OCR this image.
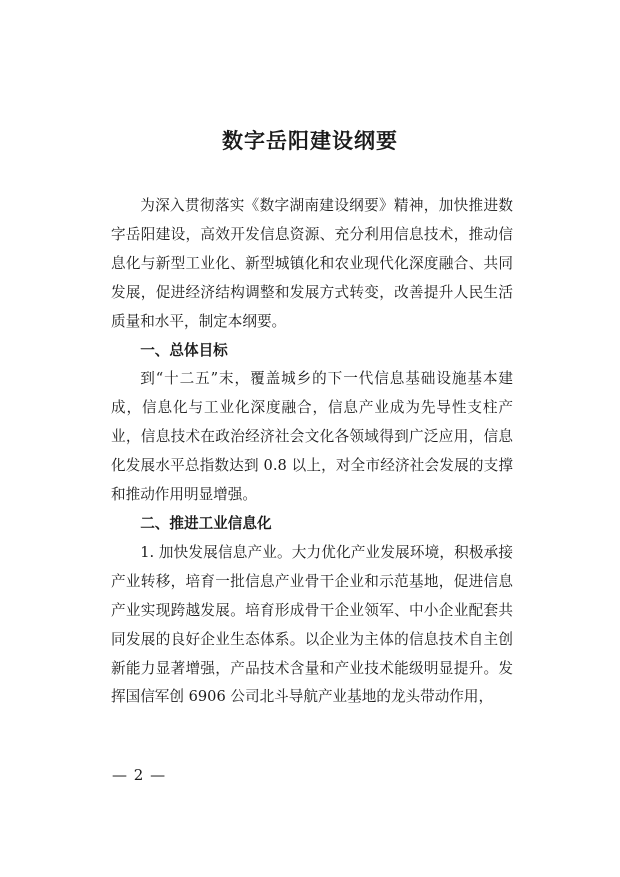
数字岳阳建设纲要

为深入贯彻落实《数字湖南建设纲要》精神，加快推进数字岳阳建设，高效开发信息资源、充分利用信息技术，推动信息化与新型工业化、新型城镇化和农业现代化深度融合、共同发展，促进经济结构调整和发展方式转变，改善提升人民生活质量和水平，制定本纲要。

一、总体目标

到“十二五”末，覆盖城乡的下一代信息基础设施基本建成，信息化与工业化深度融合，信息产业成为先导性支柱产业，信息技术在政治经济社会文化各领域得到广泛应用，信息化发展水平总指数达到 0.8 以上，对全市经济社会发展的支撑和推动作用明显增强。

二、推进工业信息化

1. 加快发展信息产业。大力优化产业发展环境，积极承接产业转移，培育一批信息产业骨干企业和示范基地，促进信息产业实现跨越发展。培育形成骨干企业领军、中小企业配套共同发展的良好企业生态体系。以企业为主体的信息技术自主创新能力显著增强，产品技术含量和产业技术能级明显提升。发挥国信军创 6906 公司北斗导航产业基地的龙头带动作用，

— 2 —
